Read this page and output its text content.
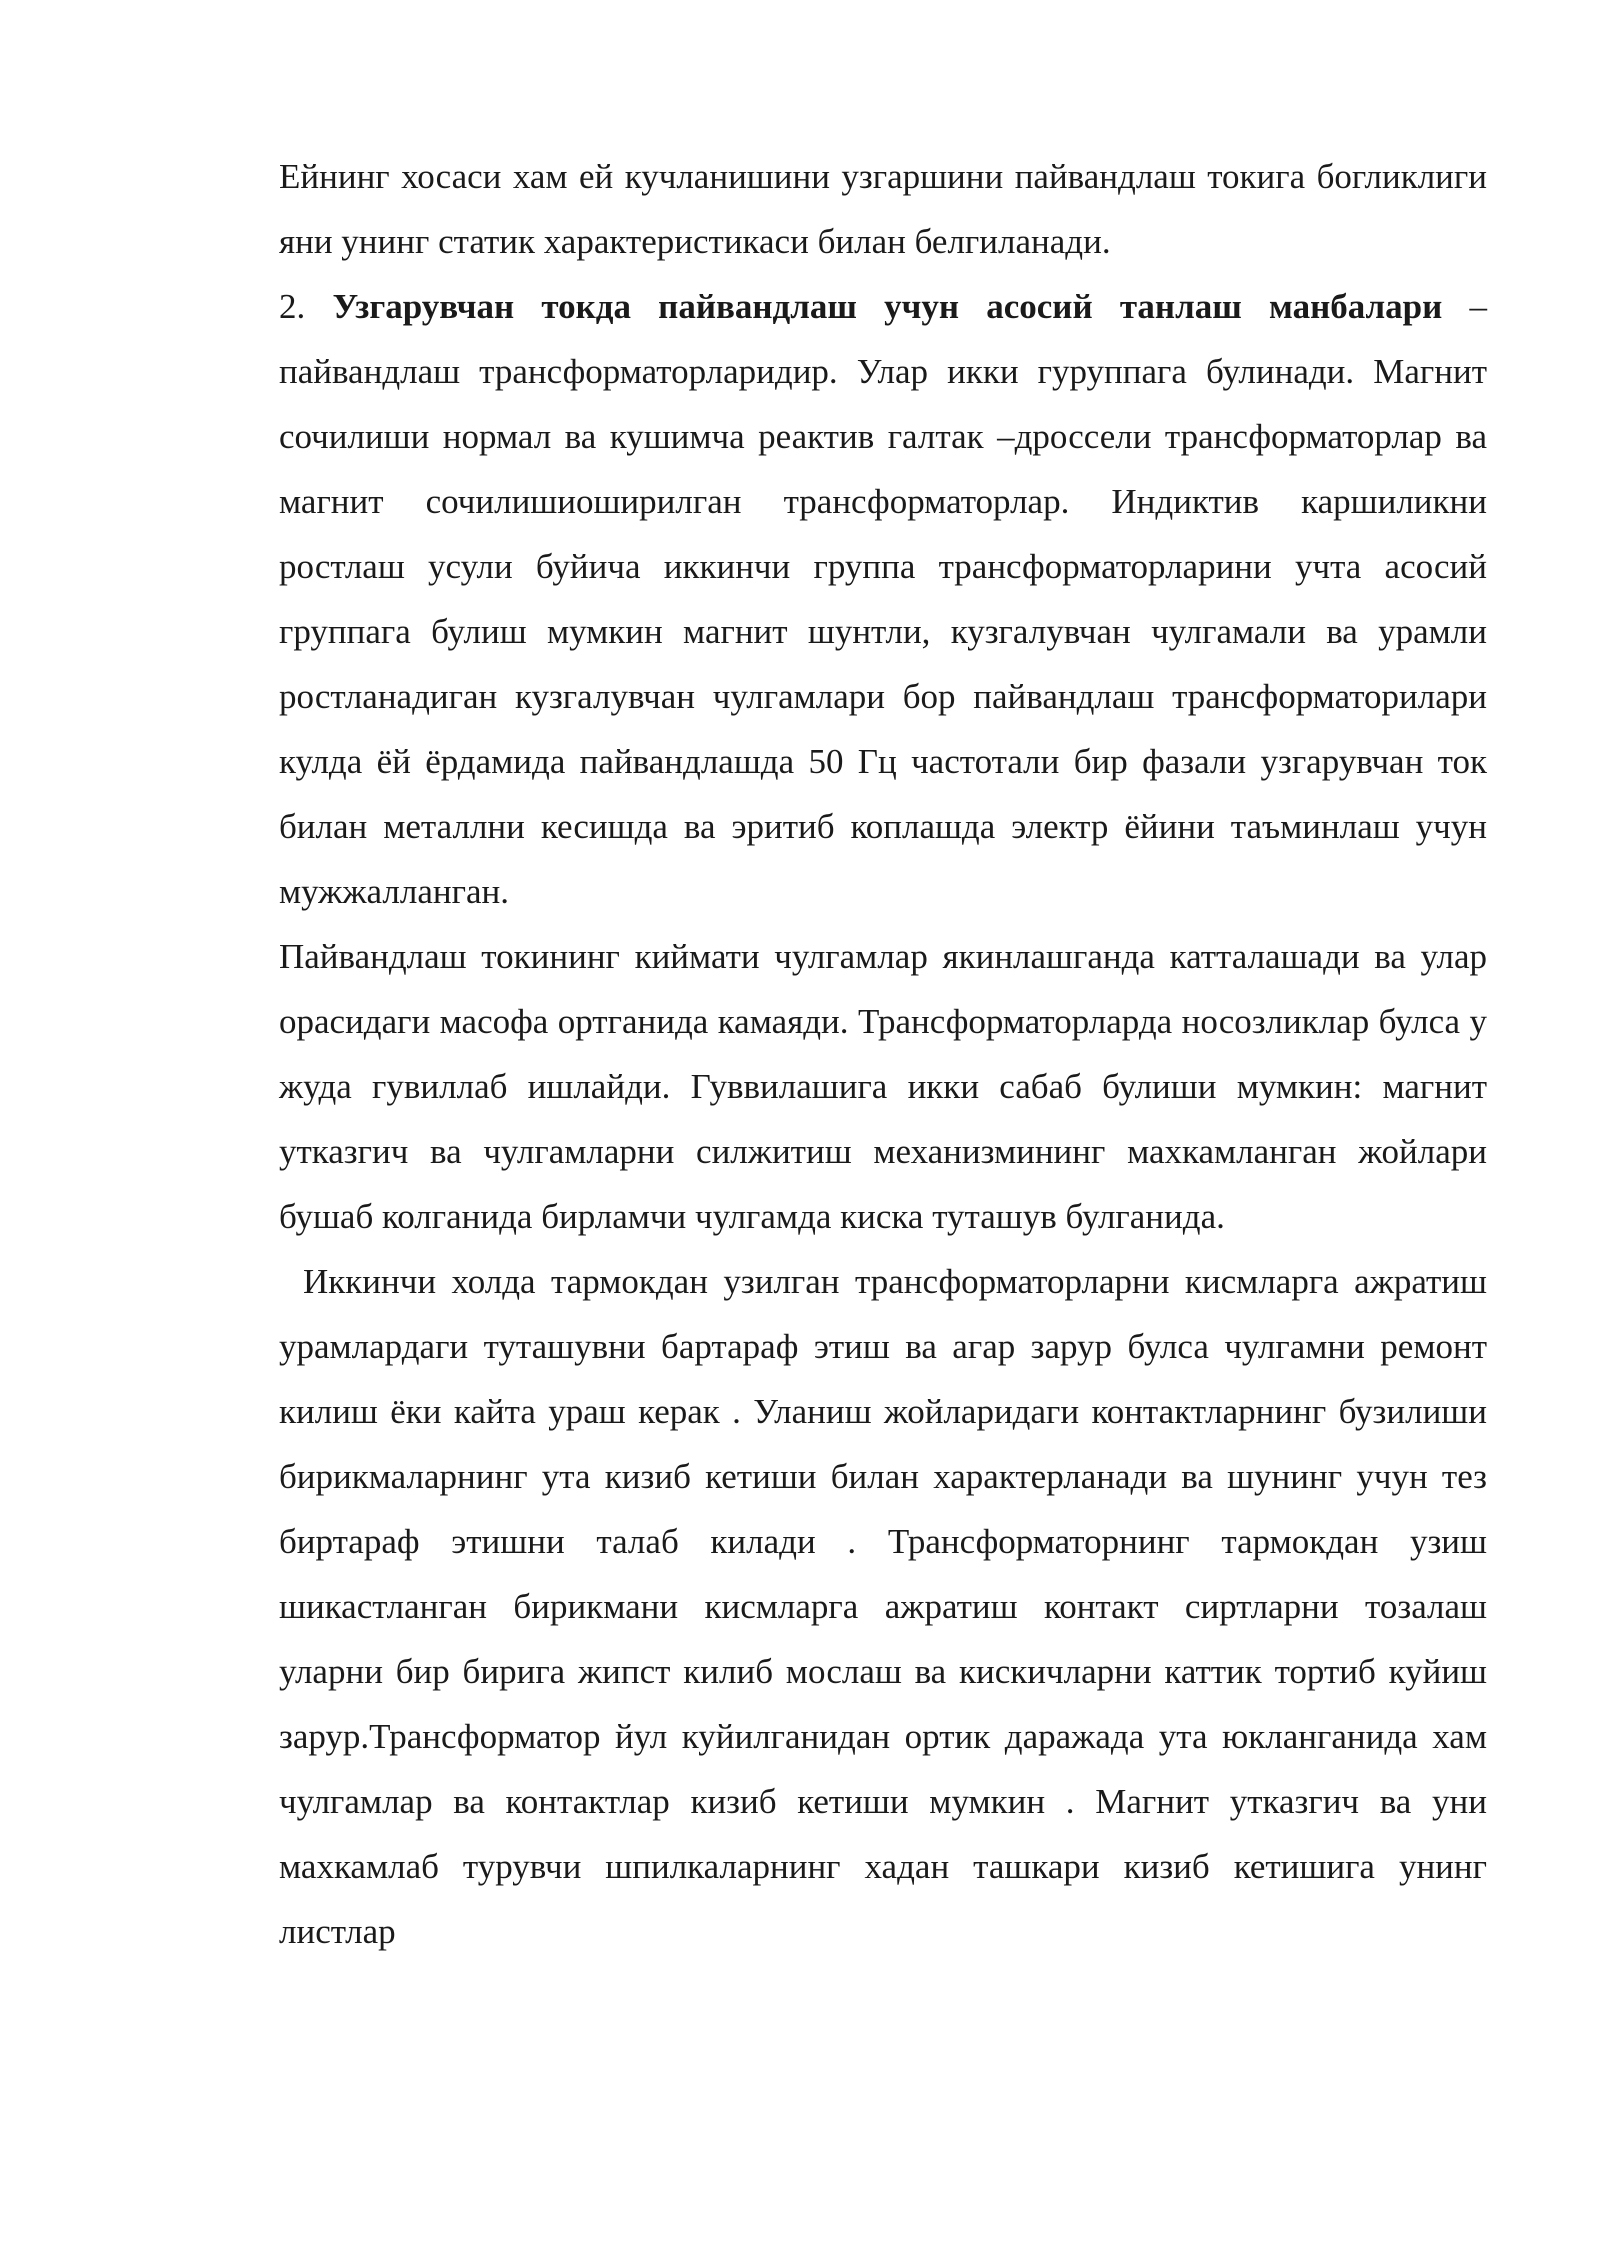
Ейнинг хосаси хам ей кучланишини узгаршини пайвандлаш токига богликлиги яни унинг статик характеристикаси билан белгиланади.

2. Узгарувчан токда пайвандлаш учун асосий танлаш манбалари – пайвандлаш трансформаторларидир. Улар икки гуруппага булинади. Магнит сочилиши нормал ва кушимча реактив галтак –дроссели трансформаторлар ва магнит сочилишиоширилган трансформаторлар. Индиктив каршиликни ростлаш усули буйича иккинчи группа трансформаторларини учта асосий группага булиш мумкин магнит шунтли, кузгалувчан чулгамали ва урамли ростланадиган кузгалувчан чулгамлари бор пайвандлаш трансформаторилари кулда ёй ёрдамида пайвандлашда 50 Гц частотали бир фазали узгарувчан ток билан металлни кесишда ва эритиб коплашда электр ёйини таъминлаш учун мужжалланган.

Пайвандлаш токининг киймати чулгамлар якинлашганда катталашади ва улар орасидаги масофа ортганида камаяди. Трансформаторларда носозликлар булса у жуда гувиллаб ишлайди. Гуввилашига икки сабаб булиши мумкин: магнит утказгич ва чулгамларни силжитиш механизмининг махкамланган жойлари бушаб колганида бирламчи чулгамда киска туташув булганида.

Иккинчи холда тармокдан узилган трансформаторларни кисмларга ажратиш урамлардаги туташувни бартараф этиш ва агар зарур булса чулгамни ремонт килиш ёки кайта ураш керак . Уланиш жойларидаги контактларнинг бузилиши бирикмаларнинг ута кизиб кетиши билан характерланади ва шунинг учун тез биртараф этишни талаб килади . Трансформаторнинг тармокдан узиш шикастланган бирикмани кисмларга ажратиш контакт сиртларни тозалаш уларни бир бирига жипст килиб мослаш ва кискичларни каттик тортиб куйиш зарур.Трансформатор йул куйилганидан ортик даражада ута юкланганида хам чулгамлар ва контактлар кизиб кетиши мумкин . Магнит утказгич ва уни махкамлаб турувчи шпилкаларнинг хадан ташкари кизиб кетишига унинг листлар
